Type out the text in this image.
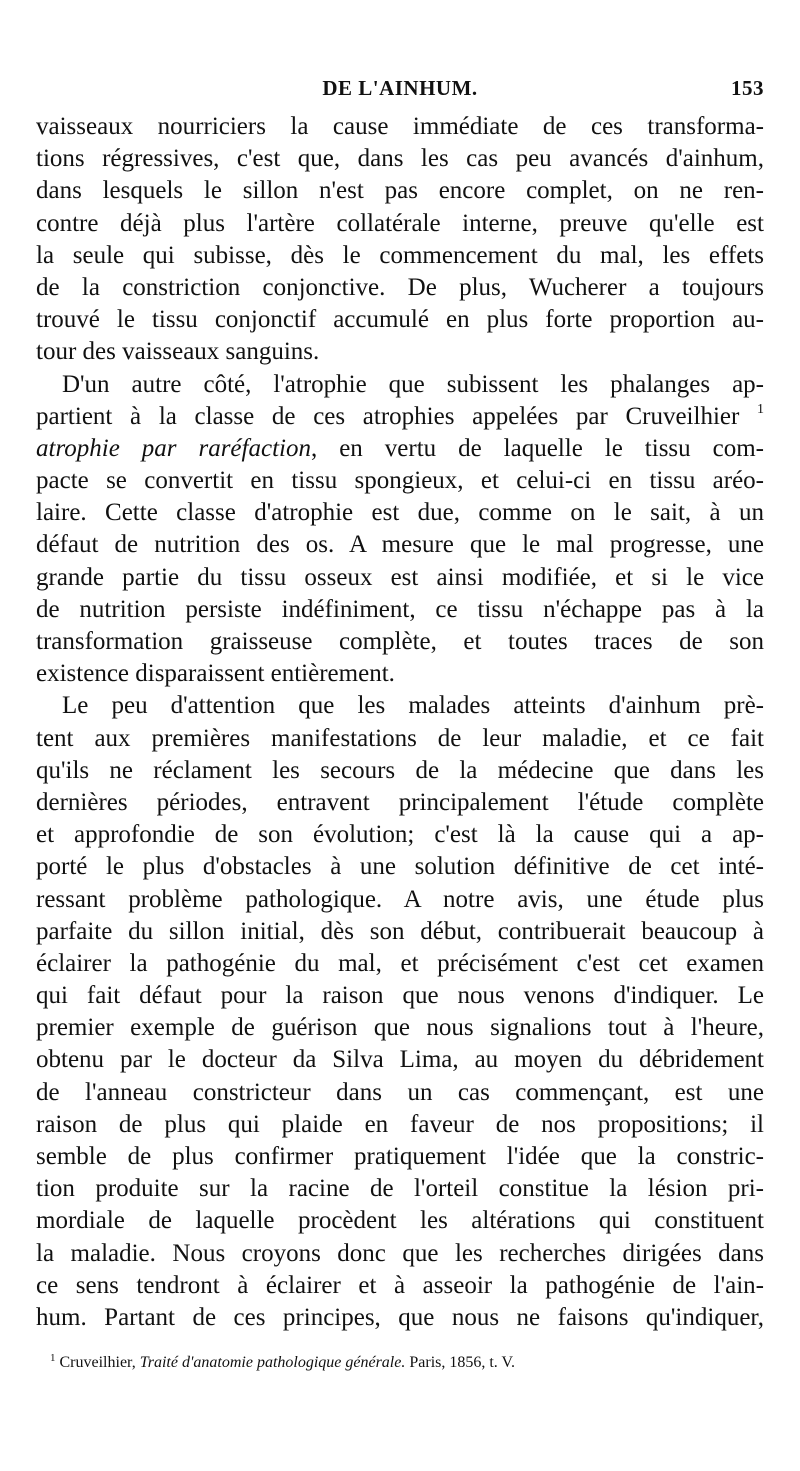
DE L'AINHUM.	153
vaisseaux nourriciers la cause immédiate de ces transforma-
tions régressives, c'est que, dans les cas peu avancés d'ainhum,
dans lesquels le sillon n'est pas encore complet, on ne ren-
contre déjà plus l'artère collatérale interne, preuve qu'elle est
la seule qui subisse, dès le commencement du mal, les effets
de la constriction conjonctive. De plus, Wucherer a toujours
trouvé le tissu conjonctif accumulé en plus forte proportion au-
tour des vaisseaux sanguins.
D'un autre côté, l'atrophie que subissent les phalanges ap-
partient à la classe de ces atrophies appelées par Cruveilhier $^1$
atrophie par raréfaction, en vertu de laquelle le tissu com-
pacte se convertit en tissu spongieux, et celui-ci en tissu aréo-
laire. Cette classe d'atrophie est due, comme on le sait, à un
défaut de nutrition des os. A mesure que le mal progresse, une
grande partie du tissu osseux est ainsi modifiée, et si le vice
de nutrition persiste indéfiniment, ce tissu n'échappe pas à la
transformation graisseuse complète, et toutes traces de son
existence disparaissent entièrement.
Le peu d'attention que les malades atteints d'ainhum prè-
tent aux premières manifestations de leur maladie, et ce fait
qu'ils ne réclament les secours de la médecine que dans les
dernières périodes, entravent principalement l'étude complète
et approfondie de son évolution; c'est là la cause qui a ap-
porté le plus d'obstacles à une solution définitive de cet inté-
ressant problème pathologique. A notre avis, une étude plus
parfaite du sillon initial, dès son début, contribuerait beaucoup à
éclairer la pathogénie du mal, et précisément c'est cet examen
qui fait défaut pour la raison que nous venons d'indiquer. Le
premier exemple de guérison que nous signalions tout à l'heure,
obtenu par le docteur da Silva Lima, au moyen du débridement
de l'anneau constricteur dans un cas commençant, est une
raison de plus qui plaide en faveur de nos propositions; il
semble de plus confirmer pratiquement l'idée que la constric-
tion produite sur la racine de l'orteil constitue la lésion pri-
mordiale de laquelle procèdent les altérations qui constituent
la maladie. Nous croyons donc que les recherches dirigées dans
ce sens tendront à éclairer et à asseoir la pathogénie de l'ain-
hum. Partant de ces principes, que nous ne faisons qu'indiquer,
$^1$ Cruveilhier, Traité d'anatomie pathologique générale. Paris, 1856, t. V.
